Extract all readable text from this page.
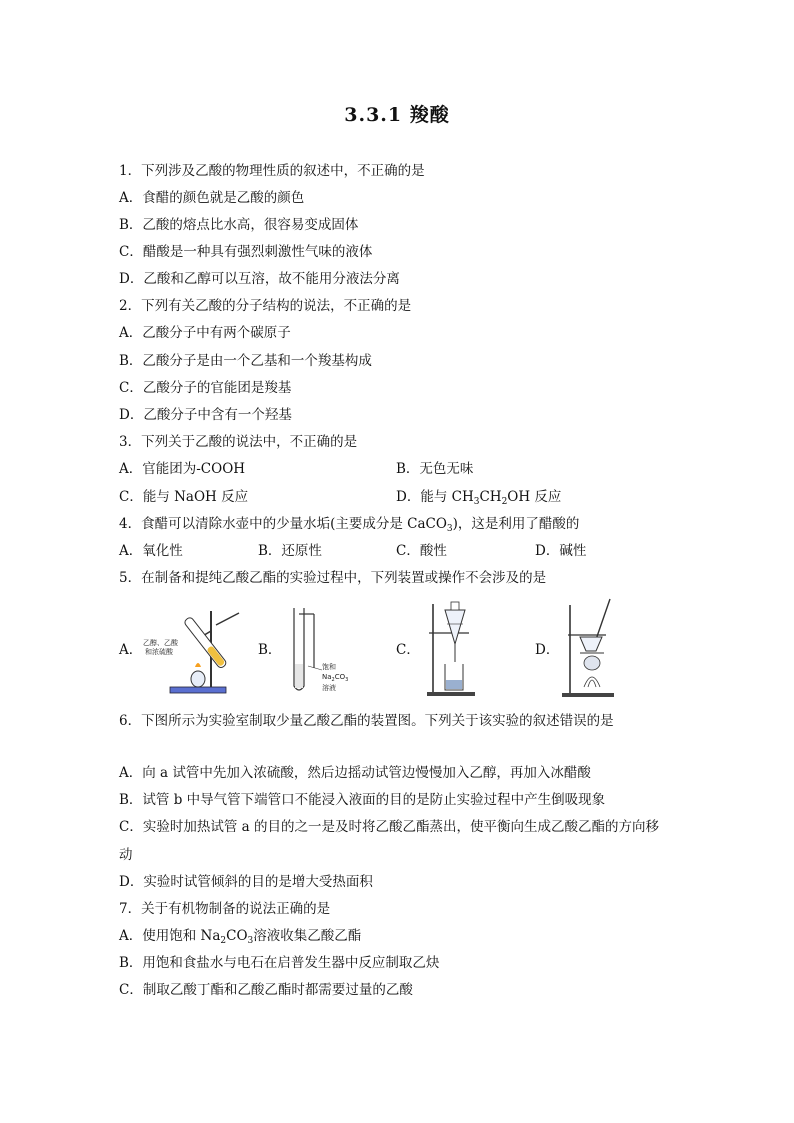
3.3.1 羧酸
1．下列涉及乙酸的物理性质的叙述中，不正确的是
A．食醋的颜色就是乙酸的颜色
B．乙酸的熔点比水高，很容易变成固体
C．醋酸是一种具有强烈刺激性气味的液体
D．乙酸和乙醇可以互溶，故不能用分液法分离
2．下列有关乙酸的分子结构的说法，不正确的是
A．乙酸分子中有两个碳原子
B．乙酸分子是由一个乙基和一个羧基构成
C．乙酸分子的官能团是羧基
D．乙酸分子中含有一个羟基
3．下列关于乙酸的说法中，不正确的是
A．官能团为-COOH	B．无色无味
C．能与 NaOH 反应	D．能与 $CH_3CH_2OH$ 反应
4．食醋可以清除水壶中的少量水垢(主要成分是 CaCO$_3$)，这是利用了醋酸的
A．氧化性	B．还原性	C．酸性	D．碱性
5．在制备和提纯乙酸乙酯的实验过程中，下列装置或操作不会涉及的是
A．	B．	C．	D．
乙醇、乙酸
和浓硫酸
饱和
$Na_2CO_3$
溶液
6．下图所示为实验室制取少量乙酸乙酯的装置图。下列关于该实验的叙述错误的是
A．向 a 试管中先加入浓硫酸，然后边摇动试管边慢慢加入乙醇，再加入冰醋酸
B．试管 b 中导气管下端管口不能浸入液面的目的是防止实验过程中产生倒吸现象
C．实验时加热试管 a 的目的之一是及时将乙酸乙酯蒸出，使平衡向生成乙酸乙酯的方向移
动
D．实验时试管倾斜的目的是增大受热面积
7．关于有机物制备的说法正确的是
A．使用饱和 $Na_2CO_3$溶液收集乙酸乙酯
B．用饱和食盐水与电石在启普发生器中反应制取乙炔
C．制取乙酸丁酯和乙酸乙酯时都需要过量的乙酸
